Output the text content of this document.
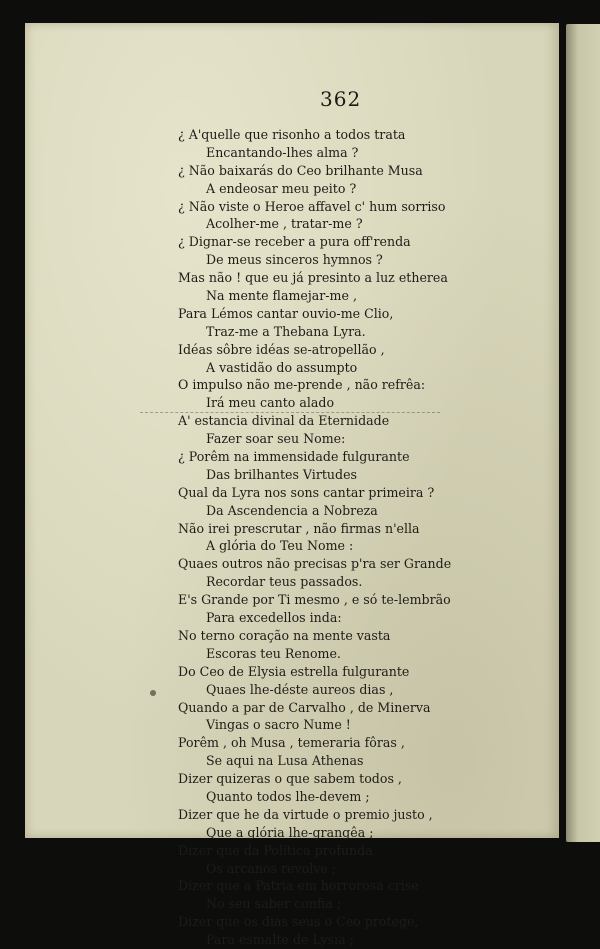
362
¿ A'quelle que risonho a todos trata
Encantando-lhes alma ?
¿ Não baixarás do Ceo brilhante Musa
A endeosar meu peito ?
¿ Não viste o Heroe affavel c' hum sorriso
Acolher-me , tratar-me ?
¿ Dignar-se receber a pura off'renda
De meus sinceros hymnos ?
Mas não ! que eu já presinto a luz etherea
Na mente flamejar-me ,
Para Lémos cantar ouvio-me Clio,
Traz-me a Thebana Lyra.
Idéas sôbre idéas se-atropellão ,
A vastidão do assumpto
O impulso não me-prende , não refrêa:
Irá meu canto alado
A' estancia divinal da Eternidade
Fazer soar seu Nome:
¿ Porêm na immensidade fulgurante
Das brilhantes Virtudes
Qual da Lyra nos sons cantar primeira ?
Da Ascendencia a Nobreza
Não irei prescrutar , não firmas n'ella
A glória do Teu Nome :
Quaes outros não precisas p'ra ser Grande
Recordar teus passados.
E's Grande por Ti mesmo , e só te-lembrão
Para excedellos inda:
No terno coração na mente vasta
Escoras teu Renome.
Do Ceo de Elysia estrella fulgurante
Quaes lhe-déste aureos dias ,
Quando a par de Carvalho , de Minerva
Vingas o sacro Nume !
Porêm , oh Musa , temeraria fôras ,
Se aqui na Lusa Athenas
Dizer quizeras o que sabem todos ,
Quanto todos lhe-devem ;
Dizer que he da virtude o premio justo ,
Que a glória lhe-grangêa ;
Dizer que da Politica profunda
Os arcanos revolve ;
Dizer que a Patria em horrorosa crise
No seu saber confia ;
Dizer que os dias seus o Ceo protege,
Para esmalte de Lysia ;
